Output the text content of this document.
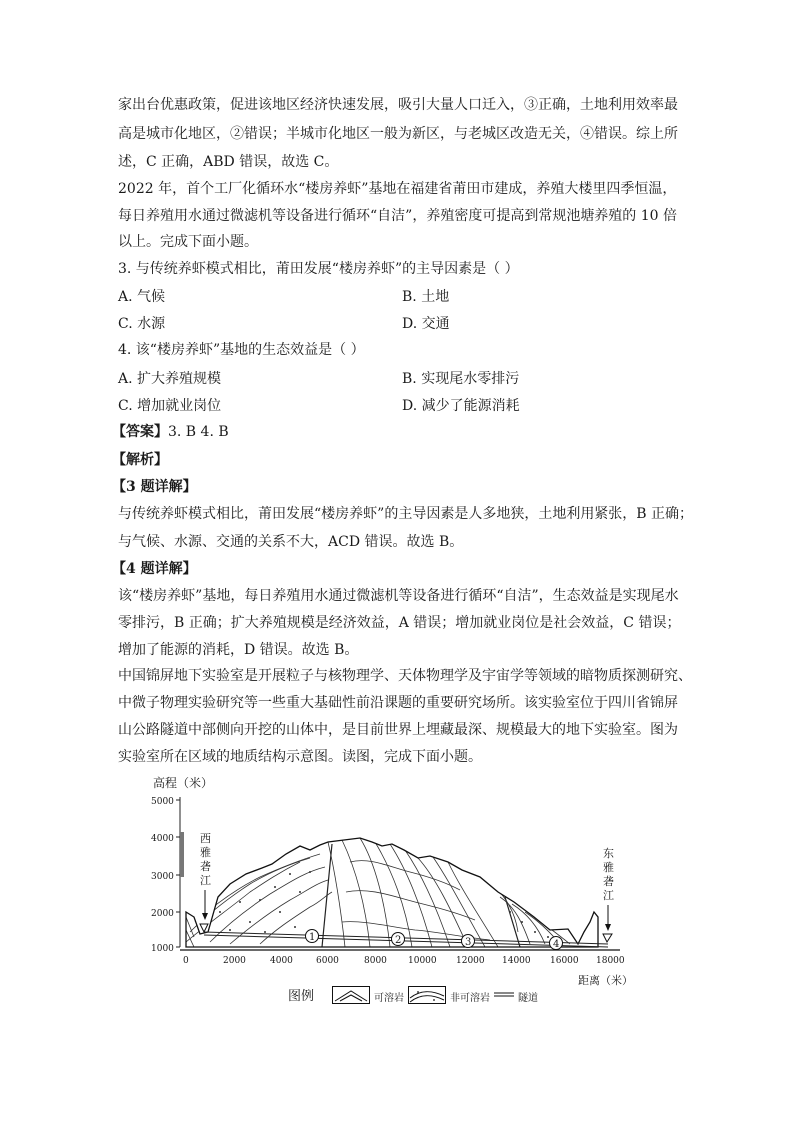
家出台优惠政策，促进该地区经济快速发展，吸引大量人口迁入，③正确，土地利用效率最
高是城市化地区，②错误；半城市化地区一般为新区，与老城区改造无关，④错误。综上所
述，C 正确，ABD 错误，故选 C。
2022 年，首个工厂化循环水“楼房养虾”基地在福建省莆田市建成，养殖大楼里四季恒温，
每日养殖用水通过微滤机等设备进行循环“自洁”，养殖密度可提高到常规池塘养殖的 10 倍
以上。完成下面小题。
3. 与传统养虾模式相比，莆田发展“楼房养虾”的主导因素是（ ）
A. 气候	B. 土地
C. 水源	D. 交通
4. 该“楼房养虾”基地的生态效益是（ ）
A. 扩大养殖规模	B. 实现尾水零排污
C. 增加就业岗位	D. 减少了能源消耗
【答案】3. B 4. B
【解析】
【3 题详解】
与传统养虾模式相比，莆田发展“楼房养虾”的主导因素是人多地狭，土地利用紧张，B 正确；
与气候、水源、交通的关系不大，ACD 错误。故选 B。
【4 题详解】
该“楼房养虾”基地，每日养殖用水通过微滤机等设备进行循环“自洁”，生态效益是实现尾水
零排污，B 正确；扩大养殖规模是经济效益，A 错误；增加就业岗位是社会效益，C 错误；
增加了能源的消耗，D 错误。故选 B。
中国锦屏地下实验室是开展粒子与核物理学、天体物理学及宇宙学等领域的暗物质探测研究、
中微子物理实验研究等一些重大基础性前沿课题的重要研究场所。该实验室位于四川省锦屏
山公路隧道中部侧向开挖的山体中，是目前世界上埋藏最深、规模最大的地下实验室。图为
实验室所在区域的地质结构示意图。读图，完成下面小题。
高程（米）
1000
2000
3000
4000
5000
1	2	3	4
西
雅
砻
江
东
雅
砻
江
0	2000	4000	6000	8000 10000 12000 14000 16000 18000
距离（米）
图例	可溶岩	非可溶岩	隧道
